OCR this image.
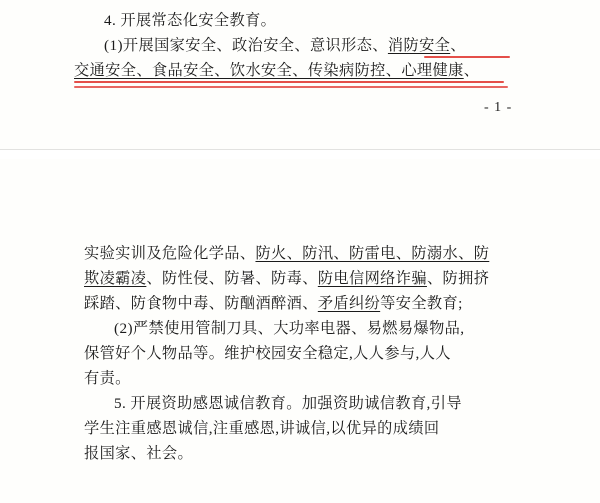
4. 开展常态化安全教育。
(1)开展国家安全、政治安全、意识形态、消防安全、
交通安全、食品安全、饮水安全、传染病防控、心理健康、
- 1 -
实验实训及危险化学品、防火、防汛、防雷电、防溺水、防
欺凌霸凌、防性侵、防暑、防毒、防电信网络诈骗、防拥挤
踩踏、防食物中毒、防酗酒醉酒、矛盾纠纷等安全教育;
(2)严禁使用管制刀具、大功率电器、易燃易爆物品,
保管好个人物品等。维护校园安全稳定,人人参与,人人
有责。
5. 开展资助感恩诚信教育。加强资助诚信教育,引导
学生注重感恩诚信,注重感恩,讲诚信,以优异的成绩回
报国家、社会。
